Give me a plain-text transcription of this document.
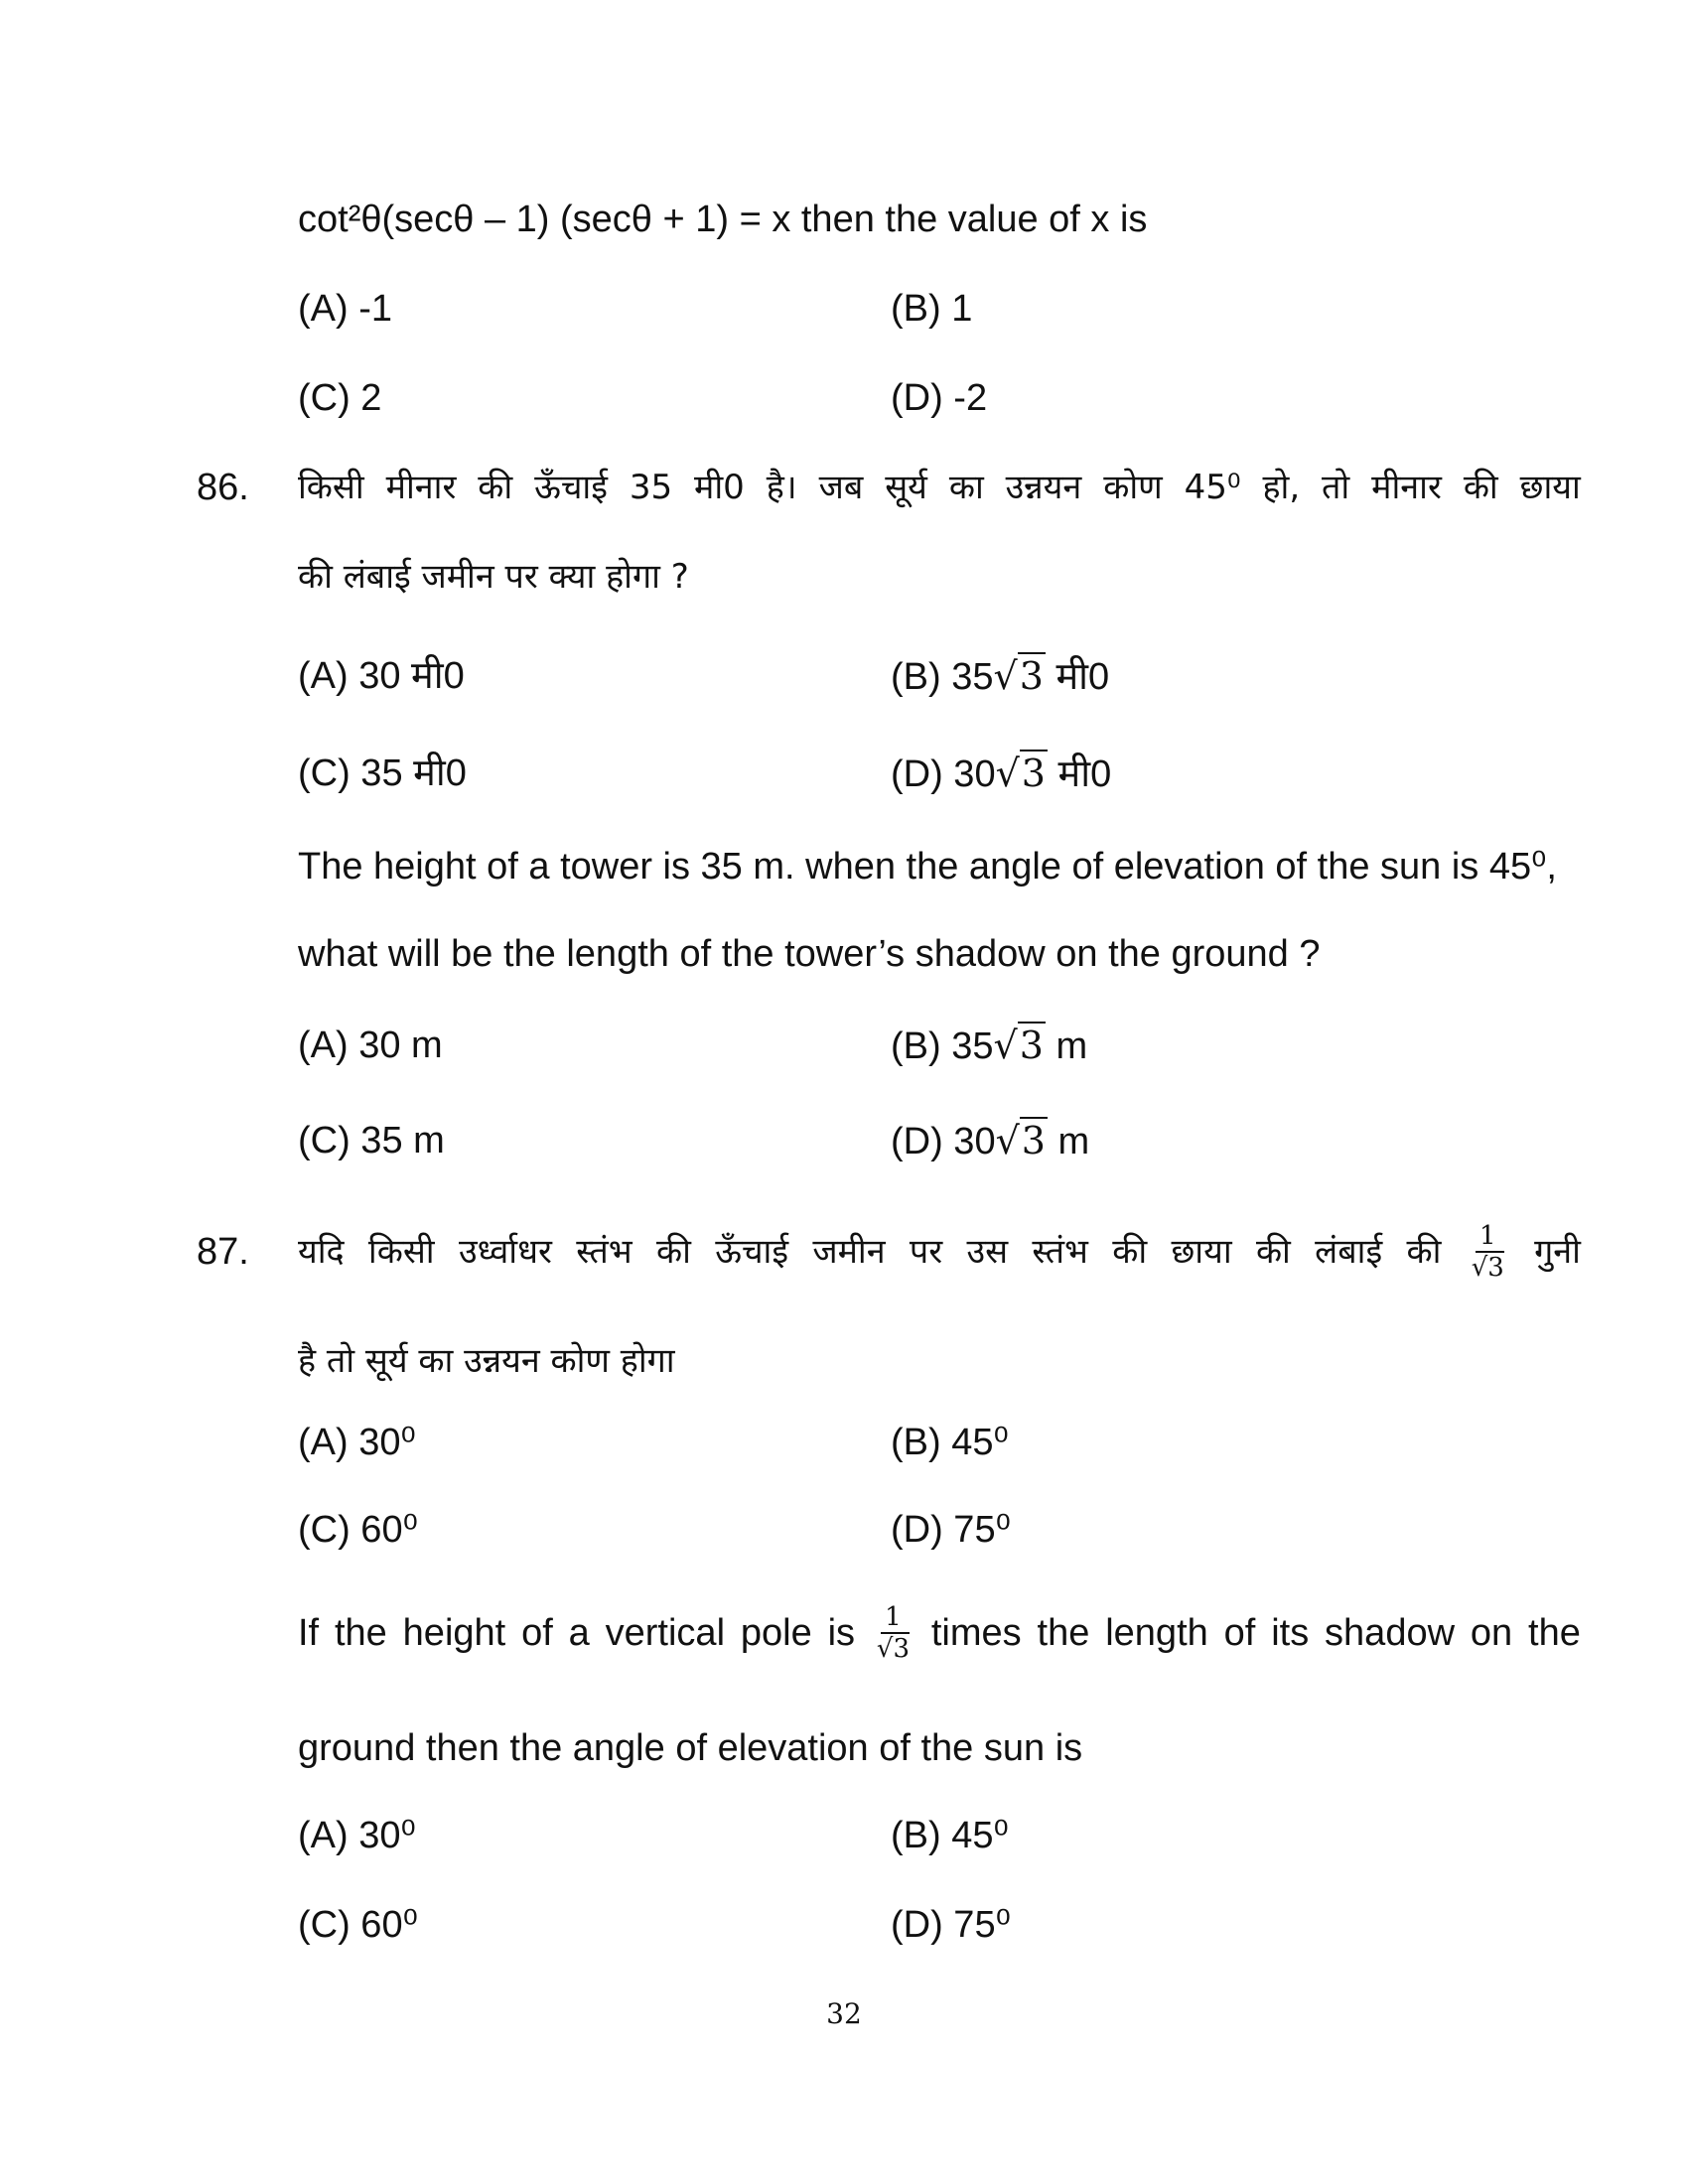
cot²θ(secθ – 1) (secθ + 1) = x then the value of x is
(A) -1	(B) 1
(C) 2	(D) -2
86. किसी मीनार की ऊँचाई 35 मी0 है। जब सूर्य का उन्नयन कोण 45⁰ हो, तो मीनार की छाया
की लंबाई जमीन पर क्या होगा ?
(A) 30 मी0	(B) 35√3 मी0
(C) 35 मी0	(D) 30√3 मी0
The height of a tower is 35 m. when the angle of elevation of the sun is 45⁰,
what will be the length of the tower’s shadow on the ground ?
(A) 30 m	(B) 35√3 m
(C) 35 m	(D) 30√3 m
87. यदि किसी उर्ध्वाधर स्तंभ की ऊँचाई जमीन पर उस स्तंभ की छाया की लंबाई की $\frac{1}{√3}$ गुनी
है तो सूर्य का उन्नयन कोण होगा
(A) 30⁰	(B) 45⁰
(C) 60⁰	(D) 75⁰
If the height of a vertical pole is $\frac{1}{√3}$ times the length of its shadow on the
ground then the angle of elevation of the sun is
(A) 30⁰	(B) 45⁰
(C) 60⁰	(D) 75⁰
32
